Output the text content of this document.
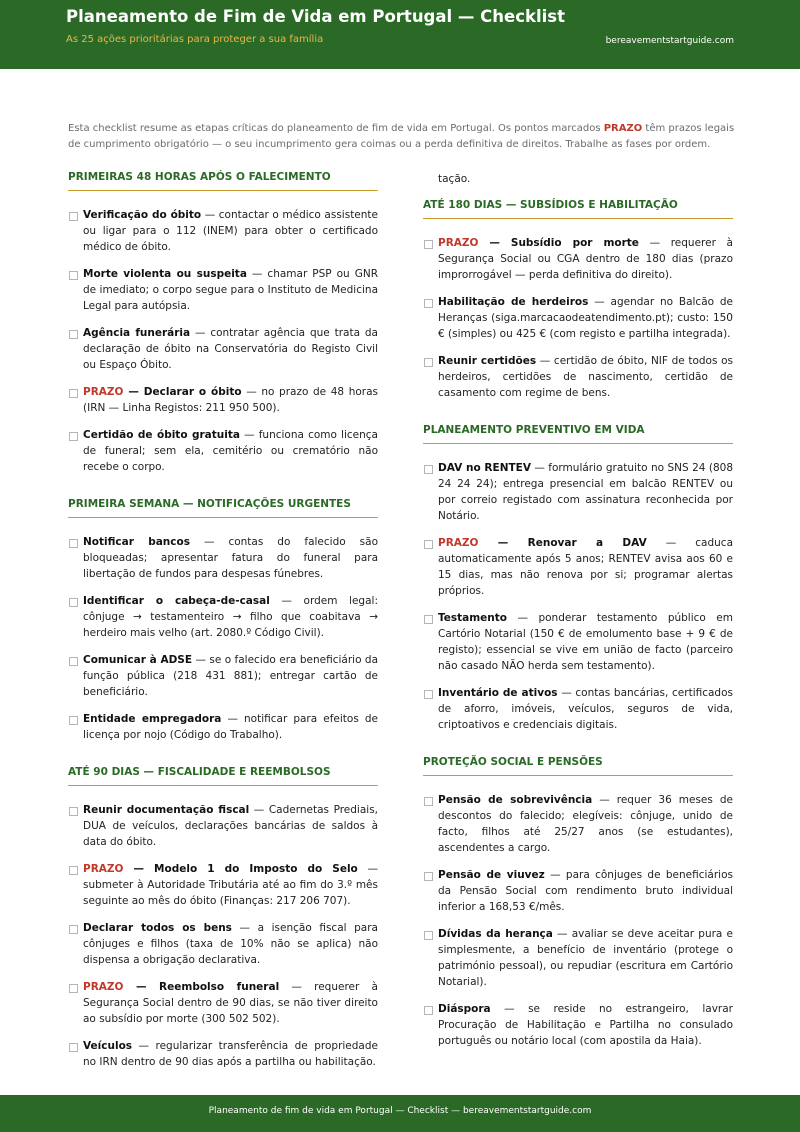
Planeamento de Fim de Vida em Portugal — Checklist
As 25 ações prioritárias para proteger a sua família	bereavementstartguide.com
Esta checklist resume as etapas críticas do planeamento de fim de vida em Portugal. Os pontos marcados PRAZO têm prazos legais de cumprimento obrigatório — o seu incumprimento gera coimas ou a perda definitiva de direitos. Trabalhe as fases por ordem.
PRIMEIRAS 48 HORAS APÓS O FALECIMENTO
Verificação do óbito — contactar o médico assistente ou ligar para o 112 (INEM) para obter o certificado médico de óbito.
Morte violenta ou suspeita — chamar PSP ou GNR de imediato; o corpo segue para o Instituto de Medicina Legal para autópsia.
Agência funerária — contratar agência que trata da declaração de óbito na Conservatória do Registo Civil ou Espaço Óbito.
PRAZO — Declarar o óbito — no prazo de 48 horas (IRN — Linha Registos: 211 950 500).
Certidão de óbito gratuita — funciona como licença de funeral; sem ela, cemitério ou crematório não recebe o corpo.
PRIMEIRA SEMANA — NOTIFICAÇÕES URGENTES
Notificar bancos — contas do falecido são bloqueadas; apresentar fatura do funeral para libertação de fundos para despesas fúnebres.
Identificar o cabeça-de-casal — ordem legal: cônjuge → testamenteiro → filho que coabitava → herdeiro mais velho (art. 2080.º Código Civil).
Comunicar à ADSE — se o falecido era beneficiário da função pública (218 431 881); entregar cartão de beneficiário.
Entidade empregadora — notificar para efeitos de licença por nojo (Código do Trabalho).
ATÉ 90 DIAS — FISCALIDADE E REEMBOLSOS
Reunir documentação fiscal — Cadernetas Prediais, DUA de veículos, declarações bancárias de saldos à data do óbito.
PRAZO — Modelo 1 do Imposto do Selo — submeter à Autoridade Tributária até ao fim do 3.º mês seguinte ao mês do óbito (Finanças: 217 206 707).
Declarar todos os bens — a isenção fiscal para cônjuges e filhos (taxa de 10% não se aplica) não dispensa a obrigação declarativa.
PRAZO — Reembolso funeral — requerer à Segurança Social dentro de 90 dias, se não tiver direito ao subsídio por morte (300 502 502).
Veículos — regularizar transferência de propriedade no IRN dentro de 90 dias após a partilha ou habilitação.
tação.
ATÉ 180 DIAS — SUBSÍDIOS E HABILITAÇÃO
PRAZO — Subsídio por morte — requerer à Segurança Social ou CGA dentro de 180 dias (prazo improrrogável — perda definitiva do direito).
Habilitação de herdeiros — agendar no Balcão de Heranças (siga.marcacaodeatendimento.pt); custo: 150 € (simples) ou 425 € (com registo e partilha integrada).
Reunir certidões — certidão de óbito, NIF de todos os herdeiros, certidões de nascimento, certidão de casamento com regime de bens.
PLANEAMENTO PREVENTIVO EM VIDA
DAV no RENTEV — formulário gratuito no SNS 24 (808 24 24 24); entrega presencial em balcão RENTEV ou por correio registado com assinatura reconhecida por Notário.
PRAZO — Renovar a DAV — caduca automaticamente após 5 anos; RENTEV avisa aos 60 e 15 dias, mas não renova por si; programar alertas próprios.
Testamento — ponderar testamento público em Cartório Notarial (150 € de emolumento base + 9 € de registo); essencial se vive em união de facto (parceiro não casado NÃO herda sem testamento).
Inventário de ativos — contas bancárias, certificados de aforro, imóveis, veículos, seguros de vida, criptoativos e credenciais digitais.
PROTEÇÃO SOCIAL E PENSÕES
Pensão de sobrevivência — requer 36 meses de descontos do falecido; elegíveis: cônjuge, unido de facto, filhos até 25/27 anos (se estudantes), ascendentes a cargo.
Pensão de viuvez — para cônjuges de beneficiários da Pensão Social com rendimento bruto individual inferior a 168,53 €/mês.
Dívidas da herança — avaliar se deve aceitar pura e simplesmente, a benefício de inventário (protege o património pessoal), ou repudiar (escritura em Cartório Notarial).
Diáspora — se reside no estrangeiro, lavrar Procuração de Habilitação e Partilha no consulado português ou notário local (com apostila da Haia).
Planeamento de fim de vida em Portugal — Checklist — bereavementstartguide.com
